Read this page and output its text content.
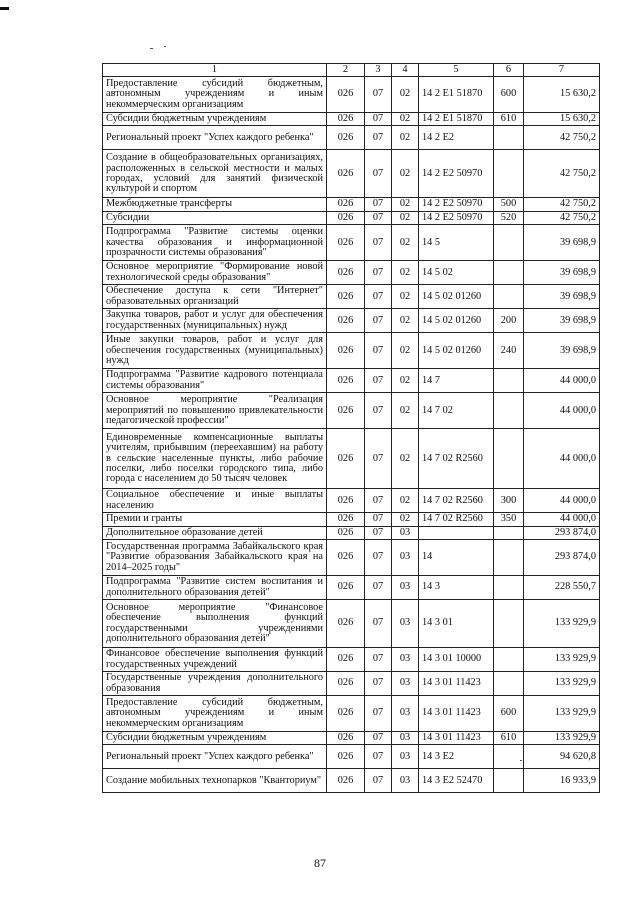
1	2	3	4	5	6	7
Предоставление субсидий бюджетным, автономным учреждениям и иным некоммерческим организациям	026	07	02	14 2 E1 51870	600	15 630,2
Субсидии бюджетным учреждениям	026	07	02	14 2 E1 51870	610	15 630,2
Региональный проект "Успех каждого ребенка"	026	07	02	14 2 E2		42 750,2
Создание в общеобразовательных организациях, расположенных в сельской местности и малых городах, условий для занятий физической культурой и спортом	026	07	02	14 2 E2 50970		42 750,2
Межбюджетные трансферты	026	07	02	14 2 E2 50970	500	42 750,2
Субсидии	026	07	02	14 2 E2 50970	520	42 750,2
Подпрограмма "Развитие системы оценки качества образования и информационной прозрачности системы образования"	026	07	02	14 5		39 698,9
Основное мероприятие "Формирование новой технологической среды образования"	026	07	02	14 5 02		39 698,9
Обеспечение доступа к сети "Интернет" образовательных организаций	026	07	02	14 5 02 01260		39 698,9
Закупка товаров, работ и услуг для обеспечения государственных (муниципальных) нужд	026	07	02	14 5 02 01260	200	39 698,9
Иные закупки товаров, работ и услуг для обеспечения государственных (муниципальных) нужд	026	07	02	14 5 02 01260	240	39 698,9
Подпрограмма "Развитие кадрового потенциала системы образования"	026	07	02	14 7		44 000,0
Основное мероприятие "Реализация мероприятий по повышению привлекательности педагогической профессии"	026	07	02	14 7 02		44 000,0
Единовременные компенсационные выплаты учителям, прибывшим (переехавшим) на работу в сельские населенные пункты, либо рабочие поселки, либо поселки городского типа, либо города с населением до 50 тысяч человек	026	07	02	14 7 02 R2560		44 000,0
Социальное обеспечение и иные выплаты населению	026	07	02	14 7 02 R2560	300	44 000,0
Премии и гранты	026	07	02	14 7 02 R2560	350	44 000,0
Дополнительное образование детей	026	07	03			293 874,0
Государственная программа Забайкальского края "Развитие образования Забайкальского края на 2014–2025 годы"	026	07	03	14		293 874,0
Подпрограмма "Развитие систем воспитания и дополнительного образования детей"	026	07	03	14 3		228 550,7
Основное мероприятие "Финансовое обеспечение выполнения функций государственными учреждениями дополнительного образования детей"	026	07	03	14 3 01		133 929,9
Финансовое обеспечение выполнения функций государственных учреждений	026	07	03	14 3 01 10000		133 929,9
Государственные учреждения дополнительного образования	026	07	03	14 3 01 11423		133 929,9
Предоставление субсидий бюджетным, автономным учреждениям и иным некоммерческим организациям	026	07	03	14 3 01 11423	600	133 929,9
Субсидии бюджетным учреждениям	026	07	03	14 3 01 11423	610	133 929,9
Региональный проект "Успех каждого ребенка"	026	07	03	14 3 E2		94 620,8
Создание мобильных технопарков "Кванториум"	026	07	03	14 3 E2 52470		16 933,9
87
